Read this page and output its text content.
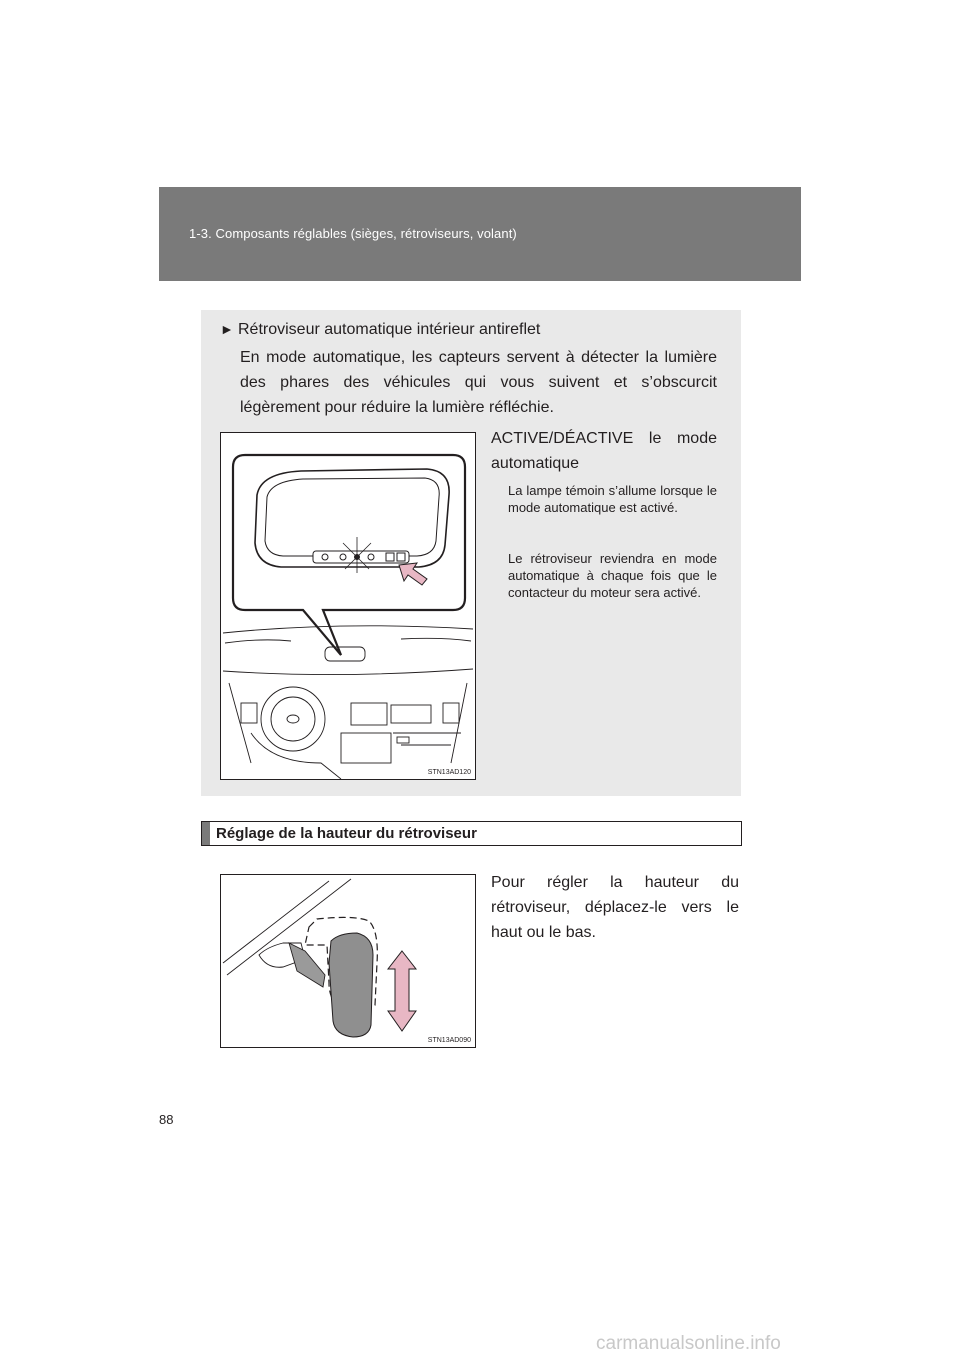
1-3. Composants réglables (sièges, rétroviseurs, volant)
► Rétroviseur automatique intérieur antireflet
En mode automatique, les capteurs servent à détecter la lumière des phares des véhicules qui vous suivent et s’obscurcit légèrement pour réduire la lumière réfléchie.
STN13AD120
ACTIVE/DÉACTIVE le mode automatique
La lampe témoin s’allume lorsque le mode automatique est activé.
Le rétroviseur reviendra en mode automatique à chaque fois que le contacteur du moteur sera activé.
Réglage de la hauteur du rétroviseur
STN13AD090
Pour régler la hauteur du rétroviseur, déplacez-le vers le haut ou le bas.
88
carmanualsonline.info
